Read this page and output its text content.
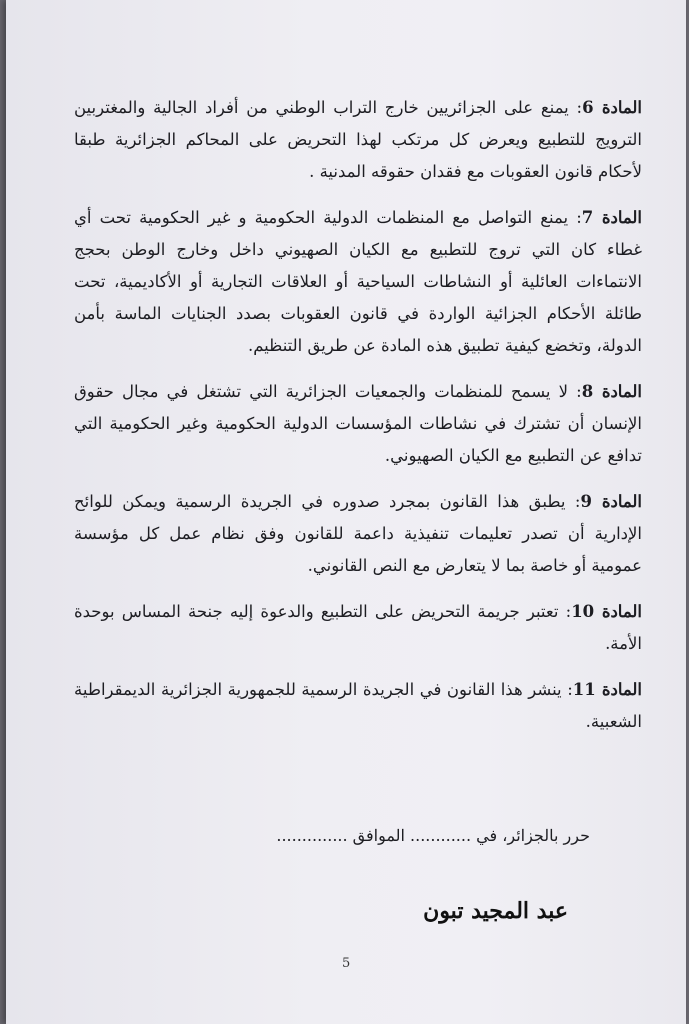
المادة 6: يمنع على الجزائريين خارج التراب الوطني من أفراد الجالية والمغتربين الترويج للتطبيع ويعرض كل مرتكب لهذا التحريض على المحاكم الجزائرية طبقا لأحكام قانون العقوبات مع فقدان حقوقه المدنية .

المادة 7: يمنع التواصل مع المنظمات الدولية الحكومية و غير الحكومية تحت أي غطاء كان التي تروج للتطبيع مع الكيان الصهيوني داخل وخارج الوطن بحجج الانتماءات العائلية أو النشاطات السياحية أو العلاقات التجارية أو الأكاديمية، تحت طائلة الأحكام الجزائية الواردة في قانون العقوبات بصدد الجنايات الماسة بأمن الدولة، وتخضع كيفية تطبيق هذه المادة عن طريق التنظيم.

المادة 8: لا يسمح للمنظمات والجمعيات الجزائرية التي تشتغل في مجال حقوق الإنسان أن تشترك في نشاطات المؤسسات الدولية الحكومية وغير الحكومية التي تدافع عن التطبيع مع الكيان الصهيوني.

المادة 9: يطبق هذا القانون بمجرد صدوره في الجريدة الرسمية ويمكن للوائح الإدارية أن تصدر تعليمات تنفيذية داعمة للقانون وفق نظام عمل كل مؤسسة عمومية أو خاصة بما لا يتعارض مع النص القانوني.

المادة 10: تعتبر جريمة التحريض على التطبيع والدعوة إليه جنحة المساس بوحدة الأمة.

المادة 11: ينشر هذا القانون في الجريدة الرسمية للجمهورية الجزائرية الديمقراطية الشعبية.

حرر بالجزائر، في ............ الموافق ..............
عبد المجيد تبون
5
